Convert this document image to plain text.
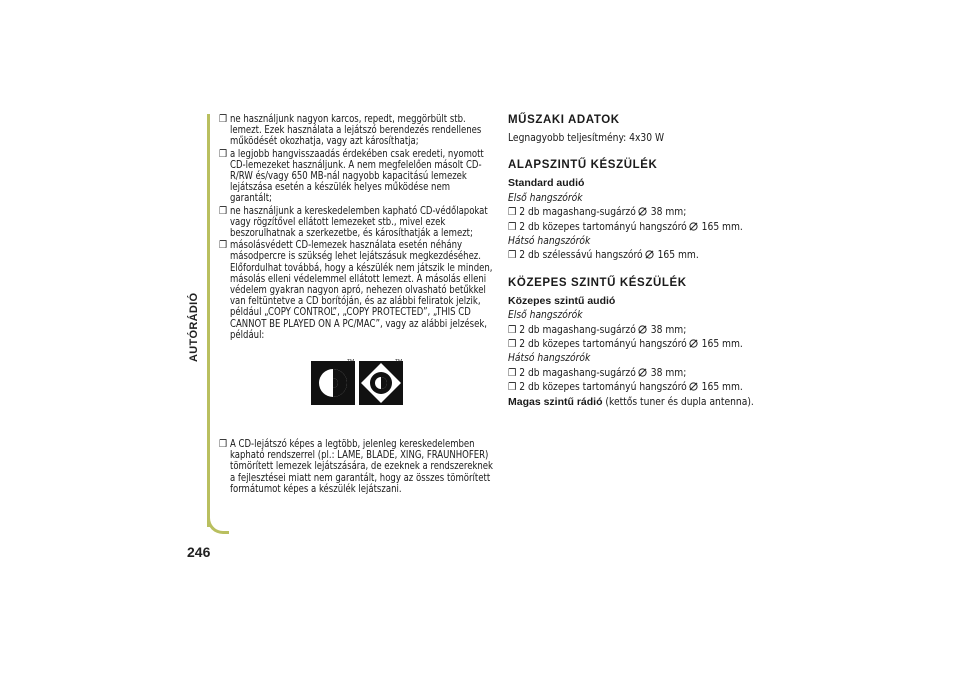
AUTÓRÁDIÓ
246
❒ ne használjunk nagyon karcos, repedt, meggörbült stb. lemezt. Ezek használata a lejátszó berendezés rendellenes működését okozhatja, vagy azt károsíthatja;
❒ a legjobb hangvisszaadás érdekében csak eredeti, nyomott CD-lemezeket használjunk. A nem megfelelően másolt CD-R/RW és/vagy 650 MB-nál nagyobb kapacitású lemezek lejátszása esetén a készülék helyes működése nem garantált;
❒ ne használjunk a kereskedelemben kapható CD-védőlapokat vagy rögzítővel ellátott lemezeket stb., mivel ezek beszorulhatnak a szerkezetbe, és károsíthatják a lemezt;
❒ másolásvédett CD-lemezek használata esetén néhány másodpercre is szükség lehet lejátszásuk megkezdéséhez. Előfordulhat továbbá, hogy a készülék nem játszik le minden, másolás elleni védelemmel ellátott lemezt. A másolás elleni védelem gyakran nagyon apró, nehezen olvasható betűkkel van feltüntetve a CD borítóján, és az alábbi feliratok jelzik, például „COPY CONTROL”, „COPY PROTECTED”, „THIS CD CANNOT BE PLAYED ON A PC/MAC”, vagy az alábbi jelzések, például:
TM	TM
❒ A CD-lejátszó képes a legtöbb, jelenleg kereskedelemben kapható rendszerrel (pl.: LAME, BLADE, XING, FRAUNHOFER) tömörített lemezek lejátszására, de ezeknek a rendszereknek a fejlesztései miatt nem garantált, hogy az összes tömörített formátumot képes a készülék lejátszani.
MŰSZAKI ADATOK
Legnagyobb teljesítmény: 4x30 W
ALAPSZINTŰ KÉSZÜLÉK
Standard audió
Első hangszórók
❒ 2 db magashang-sugárzó 38 mm;
❒ 2 db közepes tartományú hangszóró 165 mm.
Hátsó hangszórók
❒ 2 db szélessávú hangszóró 165 mm.
KÖZEPES SZINTŰ KÉSZÜLÉK
Közepes szintű audió
Első hangszórók
❒ 2 db magashang-sugárzó 38 mm;
❒ 2 db közepes tartományú hangszóró 165 mm.
Hátsó hangszórók
❒ 2 db magashang-sugárzó 38 mm;
❒ 2 db közepes tartományú hangszóró 165 mm.
Magas szintű rádió (kettős tuner és dupla antenna).
